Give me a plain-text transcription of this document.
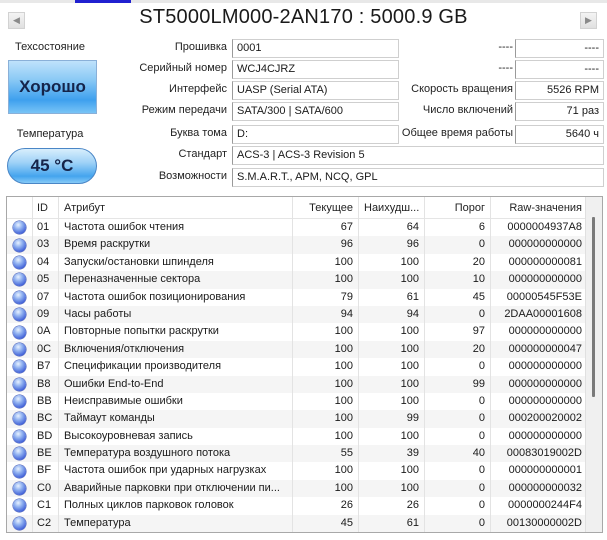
◀	ST5000LM000-2AN170 : 5000.9 GB	▶
Техсостояние
Хорошо
Температура
45 °C
Прошивка 0001
Серийный номер WCJ4CJRZ
Интерфейс UASP (Serial ATA)
Режим передачи SATA/300 | SATA/600
Буква тома D:
Стандарт ACS-3 | ACS-3 Revision 5
Возможности S.M.A.R.T., APM, NCQ, GPL
----	----
----	----
Скорость вращения	5526 RPM
Число включений	71 раз
Общее время работы	5640 ч
ID	Атрибут	Текущее	Наихудш...	Порог	Raw-значения
01	Частота ошибок чтения	67	64	6	0000004937A8
03	Время раскрутки	96	96	0	000000000000
04	Запуски/остановки шпинделя	100	100	20	000000000081
05	Переназначенные сектора	100	100	10	000000000000
07	Частота ошибок позиционирования	79	61	45	00000545F53E
09	Часы работы	94	94	0	2DAA00001608
0A	Повторные попытки раскрутки	100	100	97	000000000000
0C	Включения/отключения	100	100	20	000000000047
B7	Спецификации производителя	100	100	0	000000000000
B8	Ошибки End-to-End	100	100	99	000000000000
BB	Неисправимые ошибки	100	100	0	000000000000
BC	Таймаут команды	100	99	0	000200020002
BD	Высокоуровневая запись	100	100	0	000000000000
BE	Температура воздушного потока	55	39	40	00083019002D
BF	Частота ошибок при ударных нагрузках	100	100	0	000000000001
C0	Аварийные парковки при отключении пи...	100	100	0	000000000032
C1	Полных циклов парковок головок	26	26	0	0000000244F4
C2	Температура	45	61	0	00130000002D
